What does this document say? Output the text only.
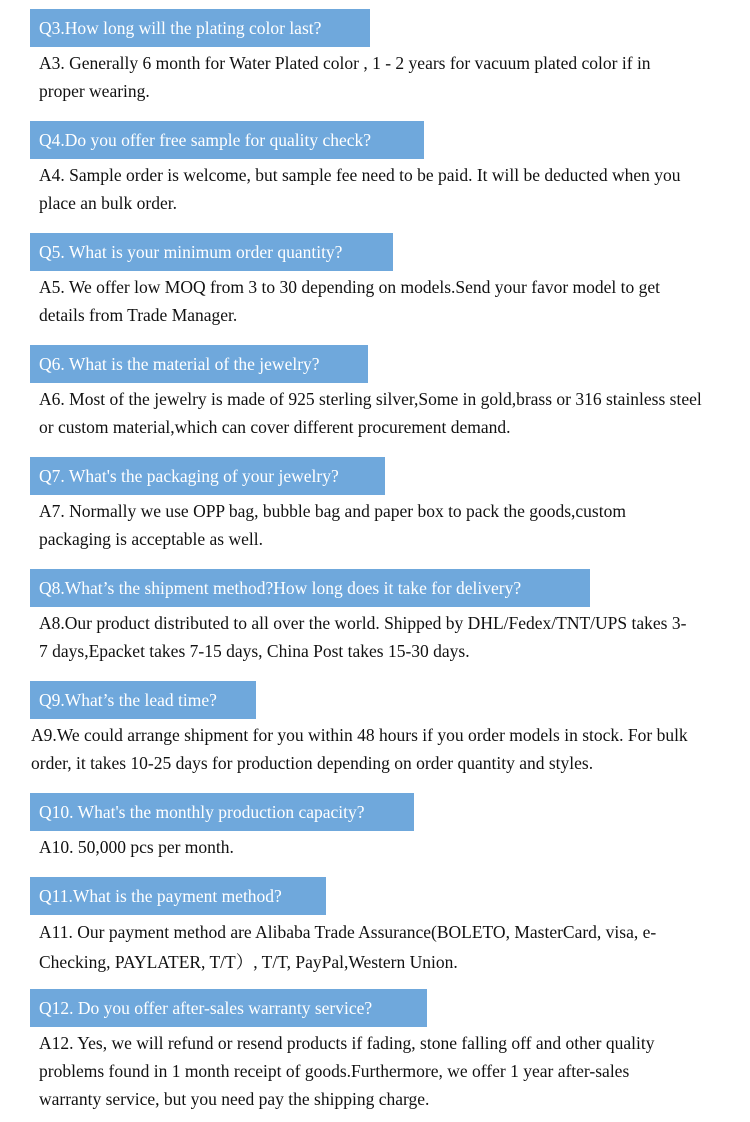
Q3.How long will the plating color last?
A3. Generally 6 month for Water Plated color , 1 - 2 years for vacuum plated color if in proper wearing.
Q4.Do you offer free sample for quality check?
A4. Sample order is welcome, but sample fee need to be paid. It will be deducted when you place an bulk order.
Q5. What is your minimum order quantity?
A5. We offer low MOQ from 3 to 30 depending on models.Send your favor model to get details from Trade Manager.
Q6. What is the material of the jewelry?
A6. Most of the jewelry is made of 925 sterling silver,Some in gold,brass or 316 stainless steel or custom material,which can cover different procurement demand.
Q7. What's the packaging of your jewelry?
A7. Normally we use OPP bag, bubble bag and paper box to pack the goods,custom packaging is acceptable as well.
Q8.What’s the shipment method?How long does it take for delivery?
A8.Our product distributed to all over the world. Shipped by DHL/Fedex/TNT/UPS takes 3-7 days,Epacket takes 7-15 days, China Post takes 15-30 days.
Q9.What’s the lead time?
A9.We could arrange shipment for you within 48 hours if you order models in stock. For bulk order, it takes 10-25 days for production depending on order quantity and styles.
Q10. What's the monthly production capacity?
A10. 50,000 pcs per month.
Q11.What is the payment method?
A11. Our payment method are Alibaba Trade Assurance(BOLETO, MasterCard, visa, e-Checking, PAYLATER, T/T）, T/T, PayPal,Western Union.
Q12. Do you offer after-sales warranty service?
A12. Yes, we will refund or resend products if fading, stone falling off and other quality problems found in 1 month receipt of goods.Furthermore, we offer 1 year after-sales warranty service, but you need pay the shipping charge.
